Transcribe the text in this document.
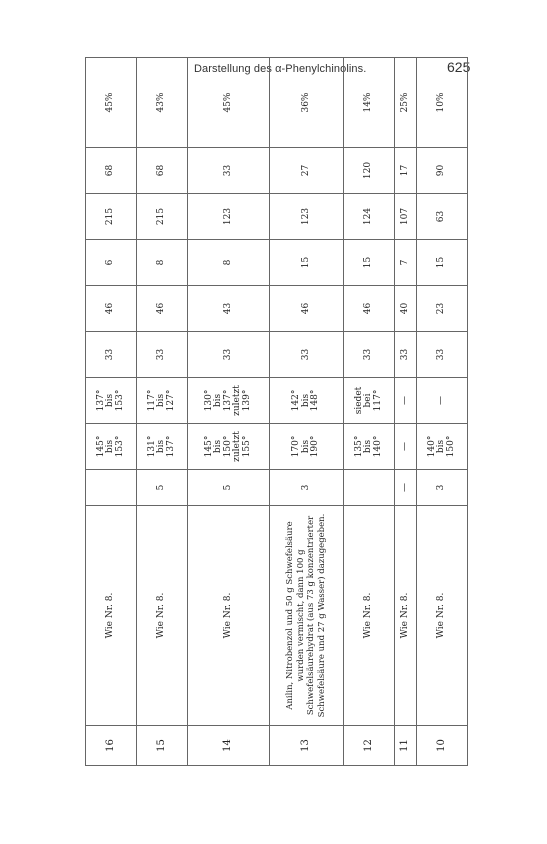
Darstellung des α-Phenylchinolins.	625
16	Wie Nr. 8.		145°
bis
153°	137°
bis
153°	33	46	6	215	68	45%
15	Wie Nr. 8.	5	131°
bis
137°	117°
bis
127°	33	46	8	215	68	43%
14	Wie Nr. 8.	5	145°
bis
150°
zuletzt
155°	130°
bis
137°
zuletzt
139°	33	43	8	123	33	45%
13	Anilin, Nitrobenzol und 50 g Schwefelsäure wurden vermischt, dann 100 g Schwefelsäurehydrat (aus 73 g konzentrierter Schwefelsäure und 27 g Wasser) dazugegeben.	3	170°
bis
190°	142°
bis
148°	33	46	15	123	27	36%
12	Wie Nr. 8.		135°
bis
140°	siedet
bei
117°	33	46	15	124	120	14%
11	Wie Nr. 8.	—	—	—	33	40	7	107	17	25%
10	Wie Nr. 8.	3	140°
bis
150°	—	33	23	15	63	90	10%
